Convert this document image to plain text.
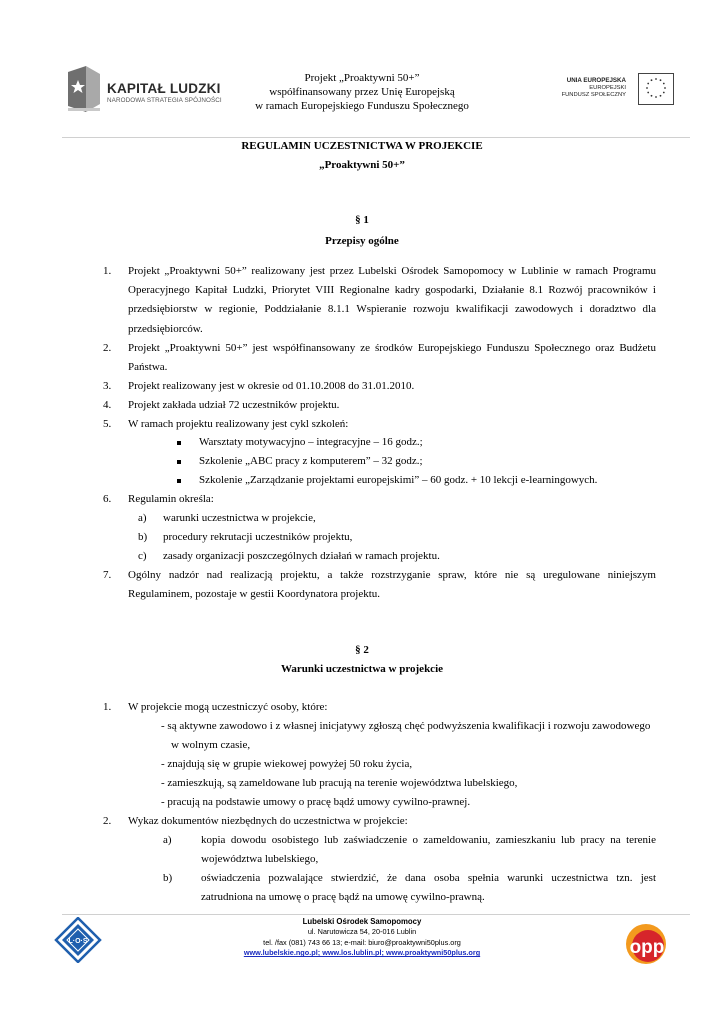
KAPITAŁ LUDZKI
NARODOWA STRATEGIA SPÓJNOŚCI
Projekt „Proaktywni 50+”
współfinansowany przez Unię Europejską
w ramach Europejskiego Funduszu Społecznego
UNIA EUROPEJSKA
EUROPEJSKI
FUNDUSZ SPOŁECZNY
REGULAMIN UCZESTNICTWA W PROJEKCIE
„Proaktywni 50+”
§ 1
Przepisy ogólne
1. Projekt „Proaktywni 50+” realizowany jest przez Lubelski Ośrodek Samopomocy w Lublinie w ramach Programu Operacyjnego Kapitał Ludzki, Priorytet VIII Regionalne kadry gospodarki, Działanie 8.1 Rozwój pracowników i przedsiębiorstw w regionie, Poddziałanie 8.1.1 Wspieranie rozwoju kwalifikacji zawodowych i doradztwo dla przedsiębiorców.
2. Projekt „Proaktywni 50+” jest współfinansowany ze środków Europejskiego Funduszu Społecznego oraz Budżetu Państwa.
3. Projekt realizowany jest w okresie od 01.10.2008 do 31.01.2010.
4. Projekt zakłada udział 72 uczestników projektu.
5. W ramach projektu realizowany jest cykl szkoleń:
Warsztaty motywacyjno – integracyjne – 16 godz.;
Szkolenie „ABC pracy z komputerem” – 32 godz.;
Szkolenie „Zarządzanie projektami europejskimi” – 60 godz. + 10 lekcji e-learningowych.
6. Regulamin określa:
a) warunki uczestnictwa w projekcie,
b) procedury rekrutacji uczestników projektu,
c) zasady organizacji poszczególnych działań w ramach projektu.
7. Ogólny nadzór nad realizacją projektu, a także rozstrzyganie spraw, które nie są uregulowane niniejszym Regulaminem, pozostaje w gestii Koordynatora projektu.
§ 2
Warunki uczestnictwa w projekcie
1. W projekcie mogą uczestniczyć osoby, które:
- są aktywne zawodowo i z własnej inicjatywy zgłoszą chęć podwyższenia kwalifikacji i rozwoju zawodowego
w wolnym czasie,
- znajdują się w grupie wiekowej powyżej 50 roku życia,
- zamieszkują, są zameldowane lub pracują na terenie województwa lubelskiego,
- pracują na podstawie umowy o pracę bądź umowy cywilno-prawnej.
2. Wykaz dokumentów niezbędnych do uczestnictwa w projekcie:
a)	kopia dowodu osobistego lub zaświadczenie o zameldowaniu, zamieszkaniu lub pracy na terenie województwa lubelskiego,
b)	oświadczenia pozwalające stwierdzić, że dana osoba spełnia warunki uczestnictwa tzn. jest zatrudniona na umowę o pracę bądź na umowę cywilno-prawną.
L·O·S
Lubelski Ośrodek Samopomocy
ul. Narutowicza 54, 20-016 Lublin
tel. /fax (081) 743 66 13; e-mail: biuro@proaktywni50plus.org
www.lubelskie.ngo.pl; www.los.lublin.pl; www.proaktywni50plus.org	opp
